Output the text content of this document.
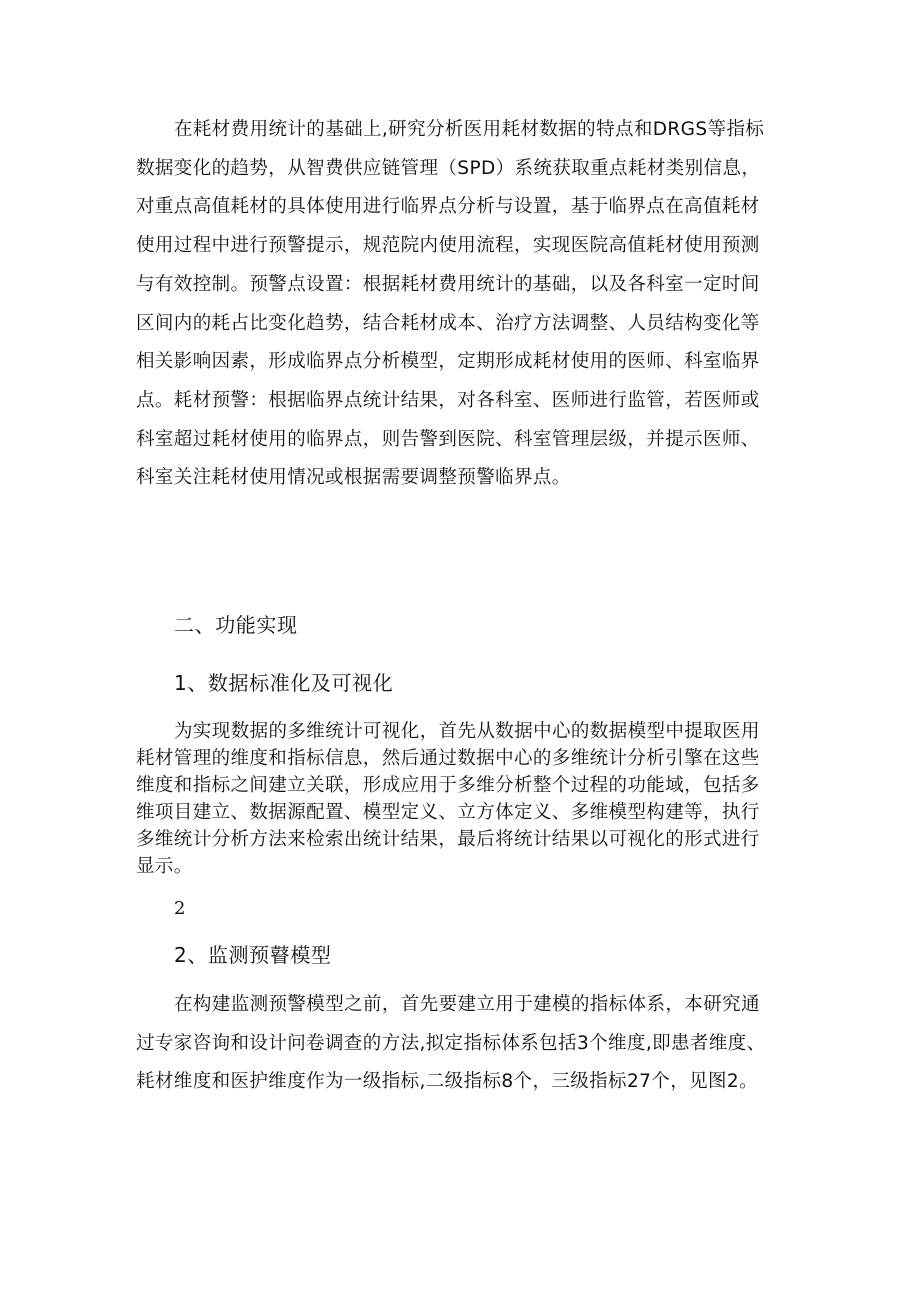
在耗材费用统计的基础上,研究分析医用耗材数据的特点和DRGS等指标
数据变化的趋势，从智费供应链管理（SPD）系统获取重点耗材类别信息，
对重点高值耗材的具体使用进行临界点分析与设置，基于临界点在高值耗材
使用过程中进行预警提示，规范院内使用流程，实现医院高值耗材使用预测
与有效控制。预警点设置：根据耗材费用统计的基础，以及各科室一定时间
区间内的耗占比变化趋势，结合耗材成本、治疗方法调整、人员结构变化等
相关影响因素，形成临界点分析模型，定期形成耗材使用的医师、科室临界
点。耗材预警：根据临界点统计结果，对各科室、医师进行监管，若医师或
科室超过耗材使用的临界点，则告警到医院、科室管理层级，并提示医师、
科室关注耗材使用情况或根据需要调整预警临界点。
二、功能实现
1、数据标准化及可视化
为实现数据的多维统计可视化，首先从数据中心的数据模型中提取医用
耗材管理的维度和指标信息，然后通过数据中心的多维统计分析引擎在这些
维度和指标之间建立关联，形成应用于多维分析整个过程的功能域，包括多
维项目建立、数据源配置、模型定义、立方体定义、多维模型构建等，执行
多维统计分析方法来检索出统计结果，最后将统计结果以可视化的形式进行
显示。
2
2、监测预瞽模型
在构建监测预警模型之前，首先要建立用于建模的指标体系，本研究通
过专家咨询和设计问卷调查的方法,拟定指标体系包括3个维度,即患者维度、
耗材维度和医护维度作为一级指标,二级指标8个，三级指标27个，见图2。
